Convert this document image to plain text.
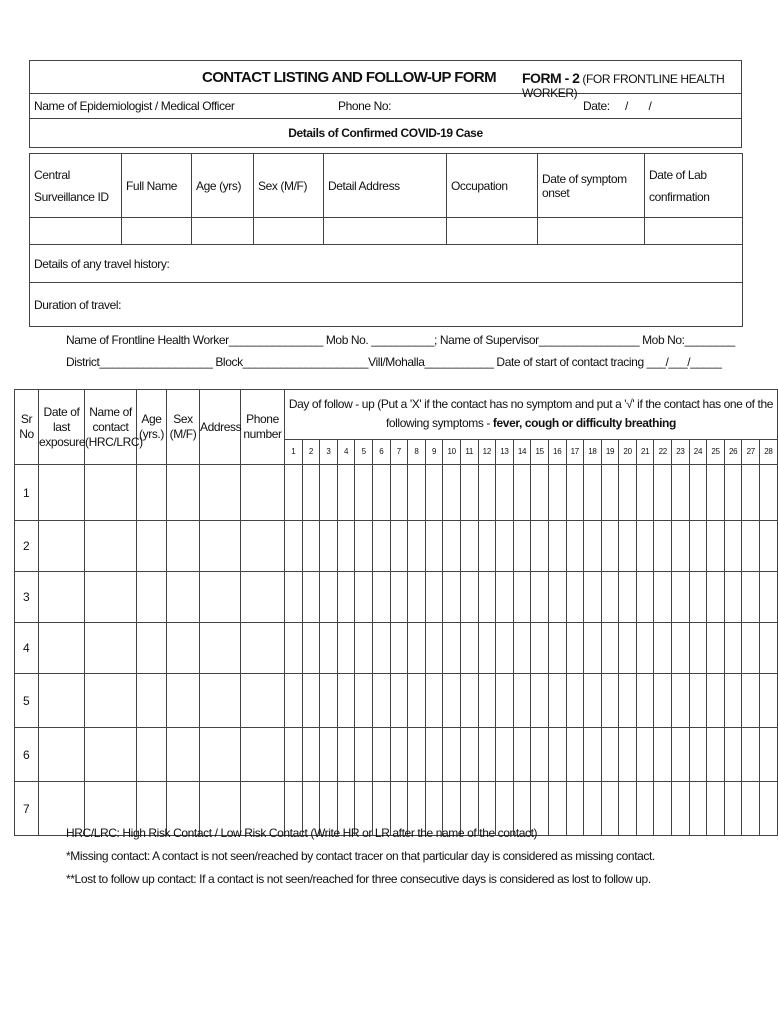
CONTACT LISTING AND FOLLOW-UP FORM FORM - 2 (FOR FRONTLINE HEALTH WORKER)

Name of Epidemiologist / Medical Officer	Phone No:	Date: /       /

Details of Confirmed COVID-19 Case
Central Surveillance ID	Full Name	Age (yrs)	Sex (M/F)	Detail Address	Occupation	Date of symptom onset	Date of Lab confirmation

Details of any travel history:							
Duration of travel:							
Name of Frontline Health Worker_______________ Mob No. __________; Name of Supervisor________________ Mob No:________
District__________________ Block____________________Vill/Mohalla___________ Date of start of contact tracing ___/___/_____
Sr No	Date of last exposure	Name of contact (HRC/LRC)	Age (yrs.)	Sex (M/F)	Address	Phone number	Day of follow - up (Put a 'X' if the contact has no symptom and put a '√' if the contact has one of the following symptoms - fever, cough or difficulty breathing																											
							1	2	3	4	5	6	7	8	9	10	11	12	13	14	15	16	17	18	19	20	21	22	23	24	25	26	27	28
1																																		
2																																		
3																																		
4																																		
5																																		
6																																		
7																																		
HRC/LRC: High Risk Contact / Low Risk Contact (Write HR or LR after the name of the contact)
*Missing contact: A contact is not seen/reached by contact tracer on that particular day is considered as missing contact.
**Lost to follow up contact: If a contact is not seen/reached for three consecutive days is considered as lost to follow up.
